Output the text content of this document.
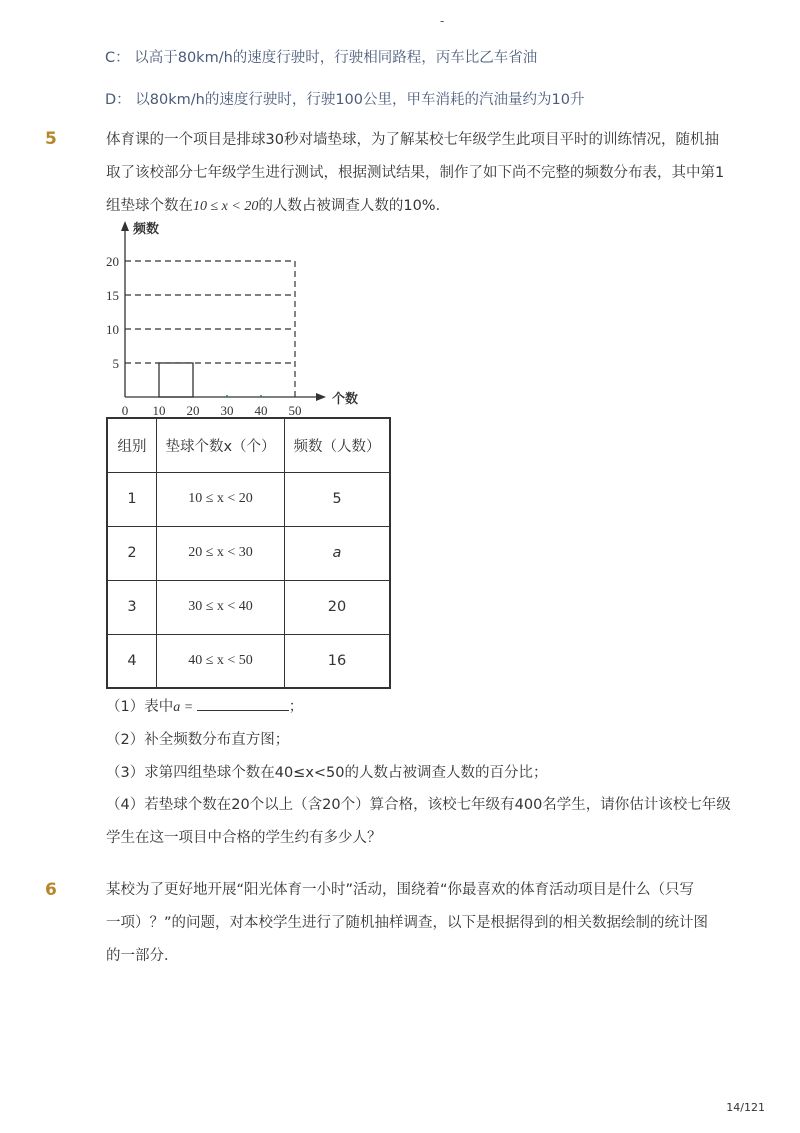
-
C： 以高于80km/h的速度行驶时，行驶相同路程，丙车比乙车省油
D： 以80km/h的速度行驶时，行驶100公里，甲车消耗的汽油量约为10升
5	体育课的一个项目是排球30秒对墙垫球，为了解某校七年级学生此项目平时的训练情况，随机抽
取了该校部分七年级学生进行测试，根据测试结果，制作了如下尚不完整的频数分布表，其中第1
组垫球个数在10 ≤ x < 20的人数占被调查人数的10%．
5
10
15
20
0 10 20 30 40 50
频数
个数
组别	垫球个数x（个）	频数（人数）
1	10 ≤ x < 20	5
2	20 ≤ x < 30	a
3	30 ≤ x < 40	20
4	40 ≤ x < 50	16
（1）表中a =	；
（2）补全频数分布直方图；
（3）求第四组垫球个数在40≤x<50的人数占被调查人数的百分比；
（4）若垫球个数在20个以上（含20个）算合格，该校七年级有400名学生，请你估计该校七年级
学生在这一项目中合格的学生约有多少人？
6	某校为了更好地开展“阳光体育一小时”活动，围绕着“你最喜欢的体育活动项目是什么（只写
一项）？”的问题，对本校学生进行了随机抽样调查，以下是根据得到的相关数据绘制的统计图
的一部分．
14/121
